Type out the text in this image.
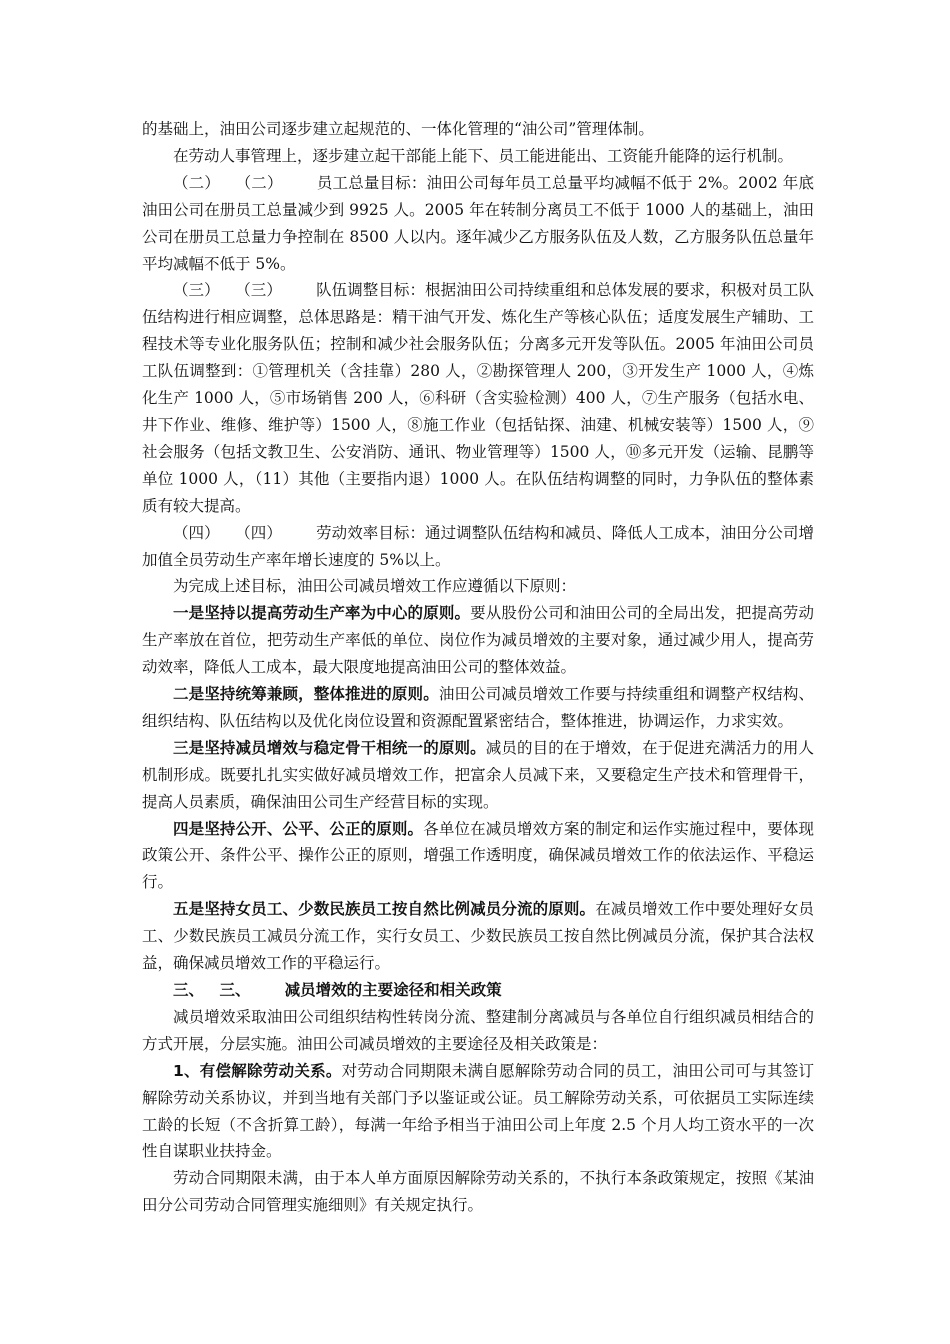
的基础上，油田公司逐步建立起规范的、一体化管理的“油公司”管理体制。

在劳动人事管理上，逐步建立起干部能上能下、员工能进能出、工资能升能降的运行机制。

（二） （二） 员工总量目标：油田公司每年员工总量平均减幅不低于 2%。2002 年底油田公司在册员工总量减少到 9925 人。2005 年在转制分离员工不低于 1000 人的基础上，油田公司在册员工总量力争控制在 8500 人以内。逐年减少乙方服务队伍及人数，乙方服务队伍总量年平均减幅不低于 5%。

（三） （三） 队伍调整目标：根据油田公司持续重组和总体发展的要求，积极对员工队伍结构进行相应调整，总体思路是：精干油气开发、炼化生产等核心队伍；适度发展生产辅助、工程技术等专业化服务队伍；控制和减少社会服务队伍；分离多元开发等队伍。2005 年油田公司员工队伍调整到：①管理机关（含挂靠）280 人，②勘探管理人 200，③开发生产 1000 人，④炼化生产 1000 人，⑤市场销售 200 人，⑥科研（含实验检测）400 人，⑦生产服务（包括水电、井下作业、维修、维护等）1500 人，⑧施工作业（包括钻探、油建、机械安装等）1500 人，⑨社会服务（包括文教卫生、公安消防、通讯、物业管理等）1500 人，⑩多元开发（运输、昆鹏等单位 1000 人，（11）其他（主要指内退）1000 人。在队伍结构调整的同时，力争队伍的整体素质有较大提高。

（四） （四） 劳动效率目标：通过调整队伍结构和减员、降低人工成本，油田分公司增加值全员劳动生产率年增长速度的 5%以上。

为完成上述目标，油田公司减员增效工作应遵循以下原则：

一是坚持以提高劳动生产率为中心的原则。要从股份公司和油田公司的全局出发，把提高劳动生产率放在首位，把劳动生产率低的单位、岗位作为减员增效的主要对象，通过减少用人，提高劳动效率，降低人工成本，最大限度地提高油田公司的整体效益。

二是坚持统筹兼顾，整体推进的原则。油田公司减员增效工作要与持续重组和调整产权结构、组织结构、队伍结构以及优化岗位设置和资源配置紧密结合，整体推进，协调运作，力求实效。

三是坚持减员增效与稳定骨干相统一的原则。减员的目的在于增效，在于促进充满活力的用人机制形成。既要扎扎实实做好减员增效工作，把富余人员减下来，又要稳定生产技术和管理骨干，提高人员素质，确保油田公司生产经营目标的实现。

四是坚持公开、公平、公正的原则。各单位在减员增效方案的制定和运作实施过程中，要体现政策公开、条件公平、操作公正的原则，增强工作透明度，确保减员增效工作的依法运作、平稳运行。

五是坚持女员工、少数民族员工按自然比例减员分流的原则。在减员增效工作中要处理好女员工、少数民族员工减员分流工作，实行女员工、少数民族员工按自然比例减员分流，保护其合法权益，确保减员增效工作的平稳运行。

三、 三、 减员增效的主要途径和相关政策

减员增效采取油田公司组织结构性转岗分流、整建制分离减员与各单位自行组织减员相结合的方式开展，分层实施。油田公司减员增效的主要途径及相关政策是：

1、有偿解除劳动关系。对劳动合同期限未满自愿解除劳动合同的员工，油田公司可与其签订解除劳动关系协议，并到当地有关部门予以鉴证或公证。员工解除劳动关系，可依据员工实际连续工龄的长短（不含折算工龄），每满一年给予相当于油田公司上年度 2.5 个月人均工资水平的一次性自谋职业扶持金。

劳动合同期限未满，由于本人单方面原因解除劳动关系的，不执行本条政策规定，按照《某油田分公司劳动合同管理实施细则》有关规定执行。
